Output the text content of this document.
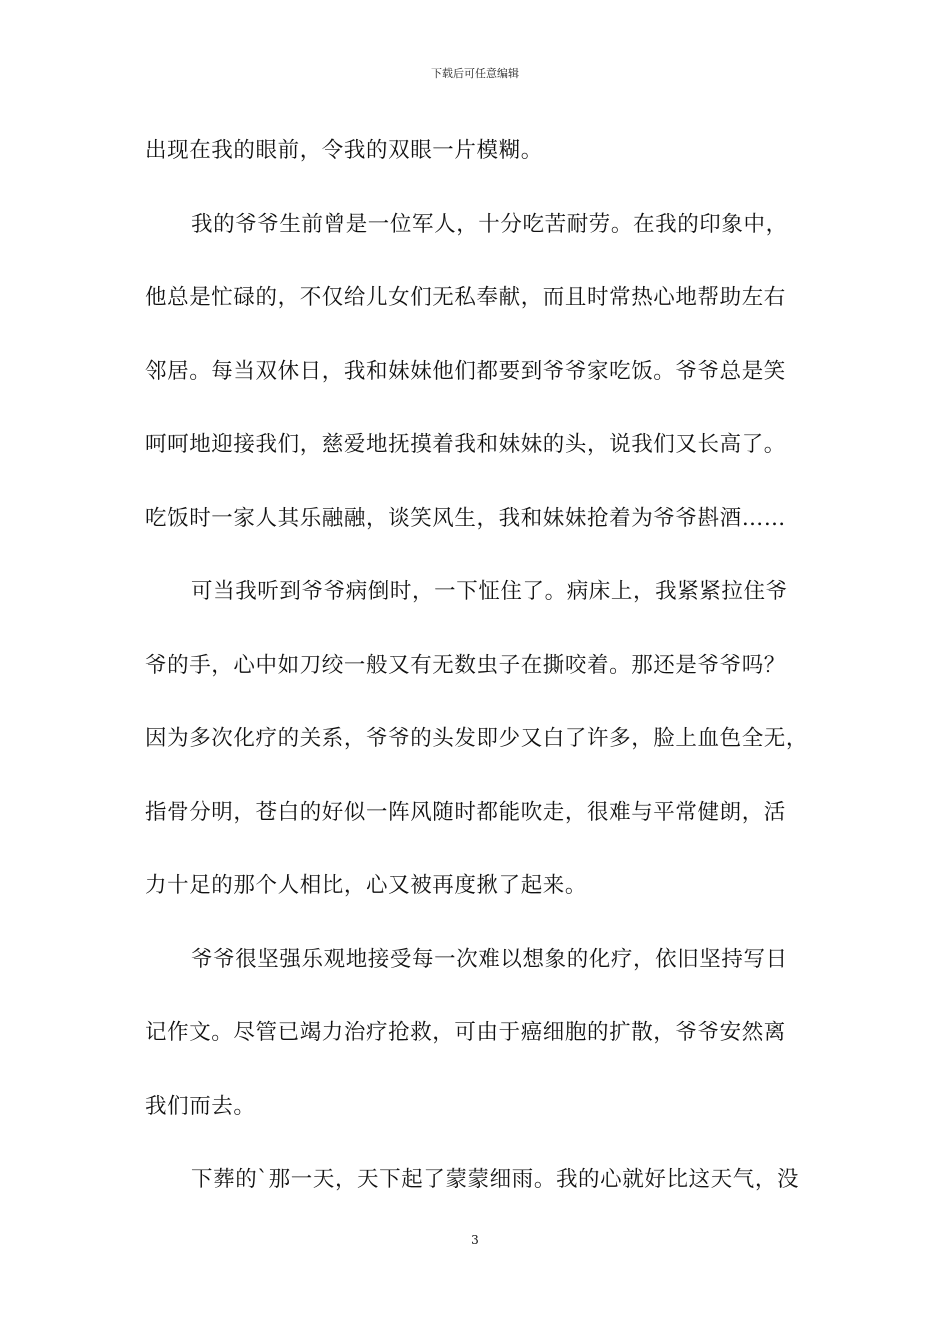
下载后可任意编辑
出现在我的眼前，令我的双眼一片模糊。
我的爷爷生前曾是一位军人，十分吃苦耐劳。在我的印象中，
他总是忙碌的，不仅给儿女们无私奉献，而且时常热心地帮助左右
邻居。每当双休日，我和妹妹他们都要到爷爷家吃饭。爷爷总是笑
呵呵地迎接我们，慈爱地抚摸着我和妹妹的头，说我们又长高了。
吃饭时一家人其乐融融，谈笑风生，我和妹妹抢着为爷爷斟酒……
可当我听到爷爷病倒时，一下怔住了。病床上，我紧紧拉住爷
爷的手，心中如刀绞一般又有无数虫子在撕咬着。那还是爷爷吗？
因为多次化疗的关系，爷爷的头发即少又白了许多，脸上血色全无，
指骨分明，苍白的好似一阵风随时都能吹走，很难与平常健朗，活
力十足的那个人相比，心又被再度揪了起来。
爷爷很坚强乐观地接受每一次难以想象的化疗，依旧坚持写日
记作文。尽管已竭力治疗抢救，可由于癌细胞的扩散，爷爷安然离
我们而去。
下葬的`那一天，天下起了蒙蒙细雨。我的心就好比这天气，没
3
